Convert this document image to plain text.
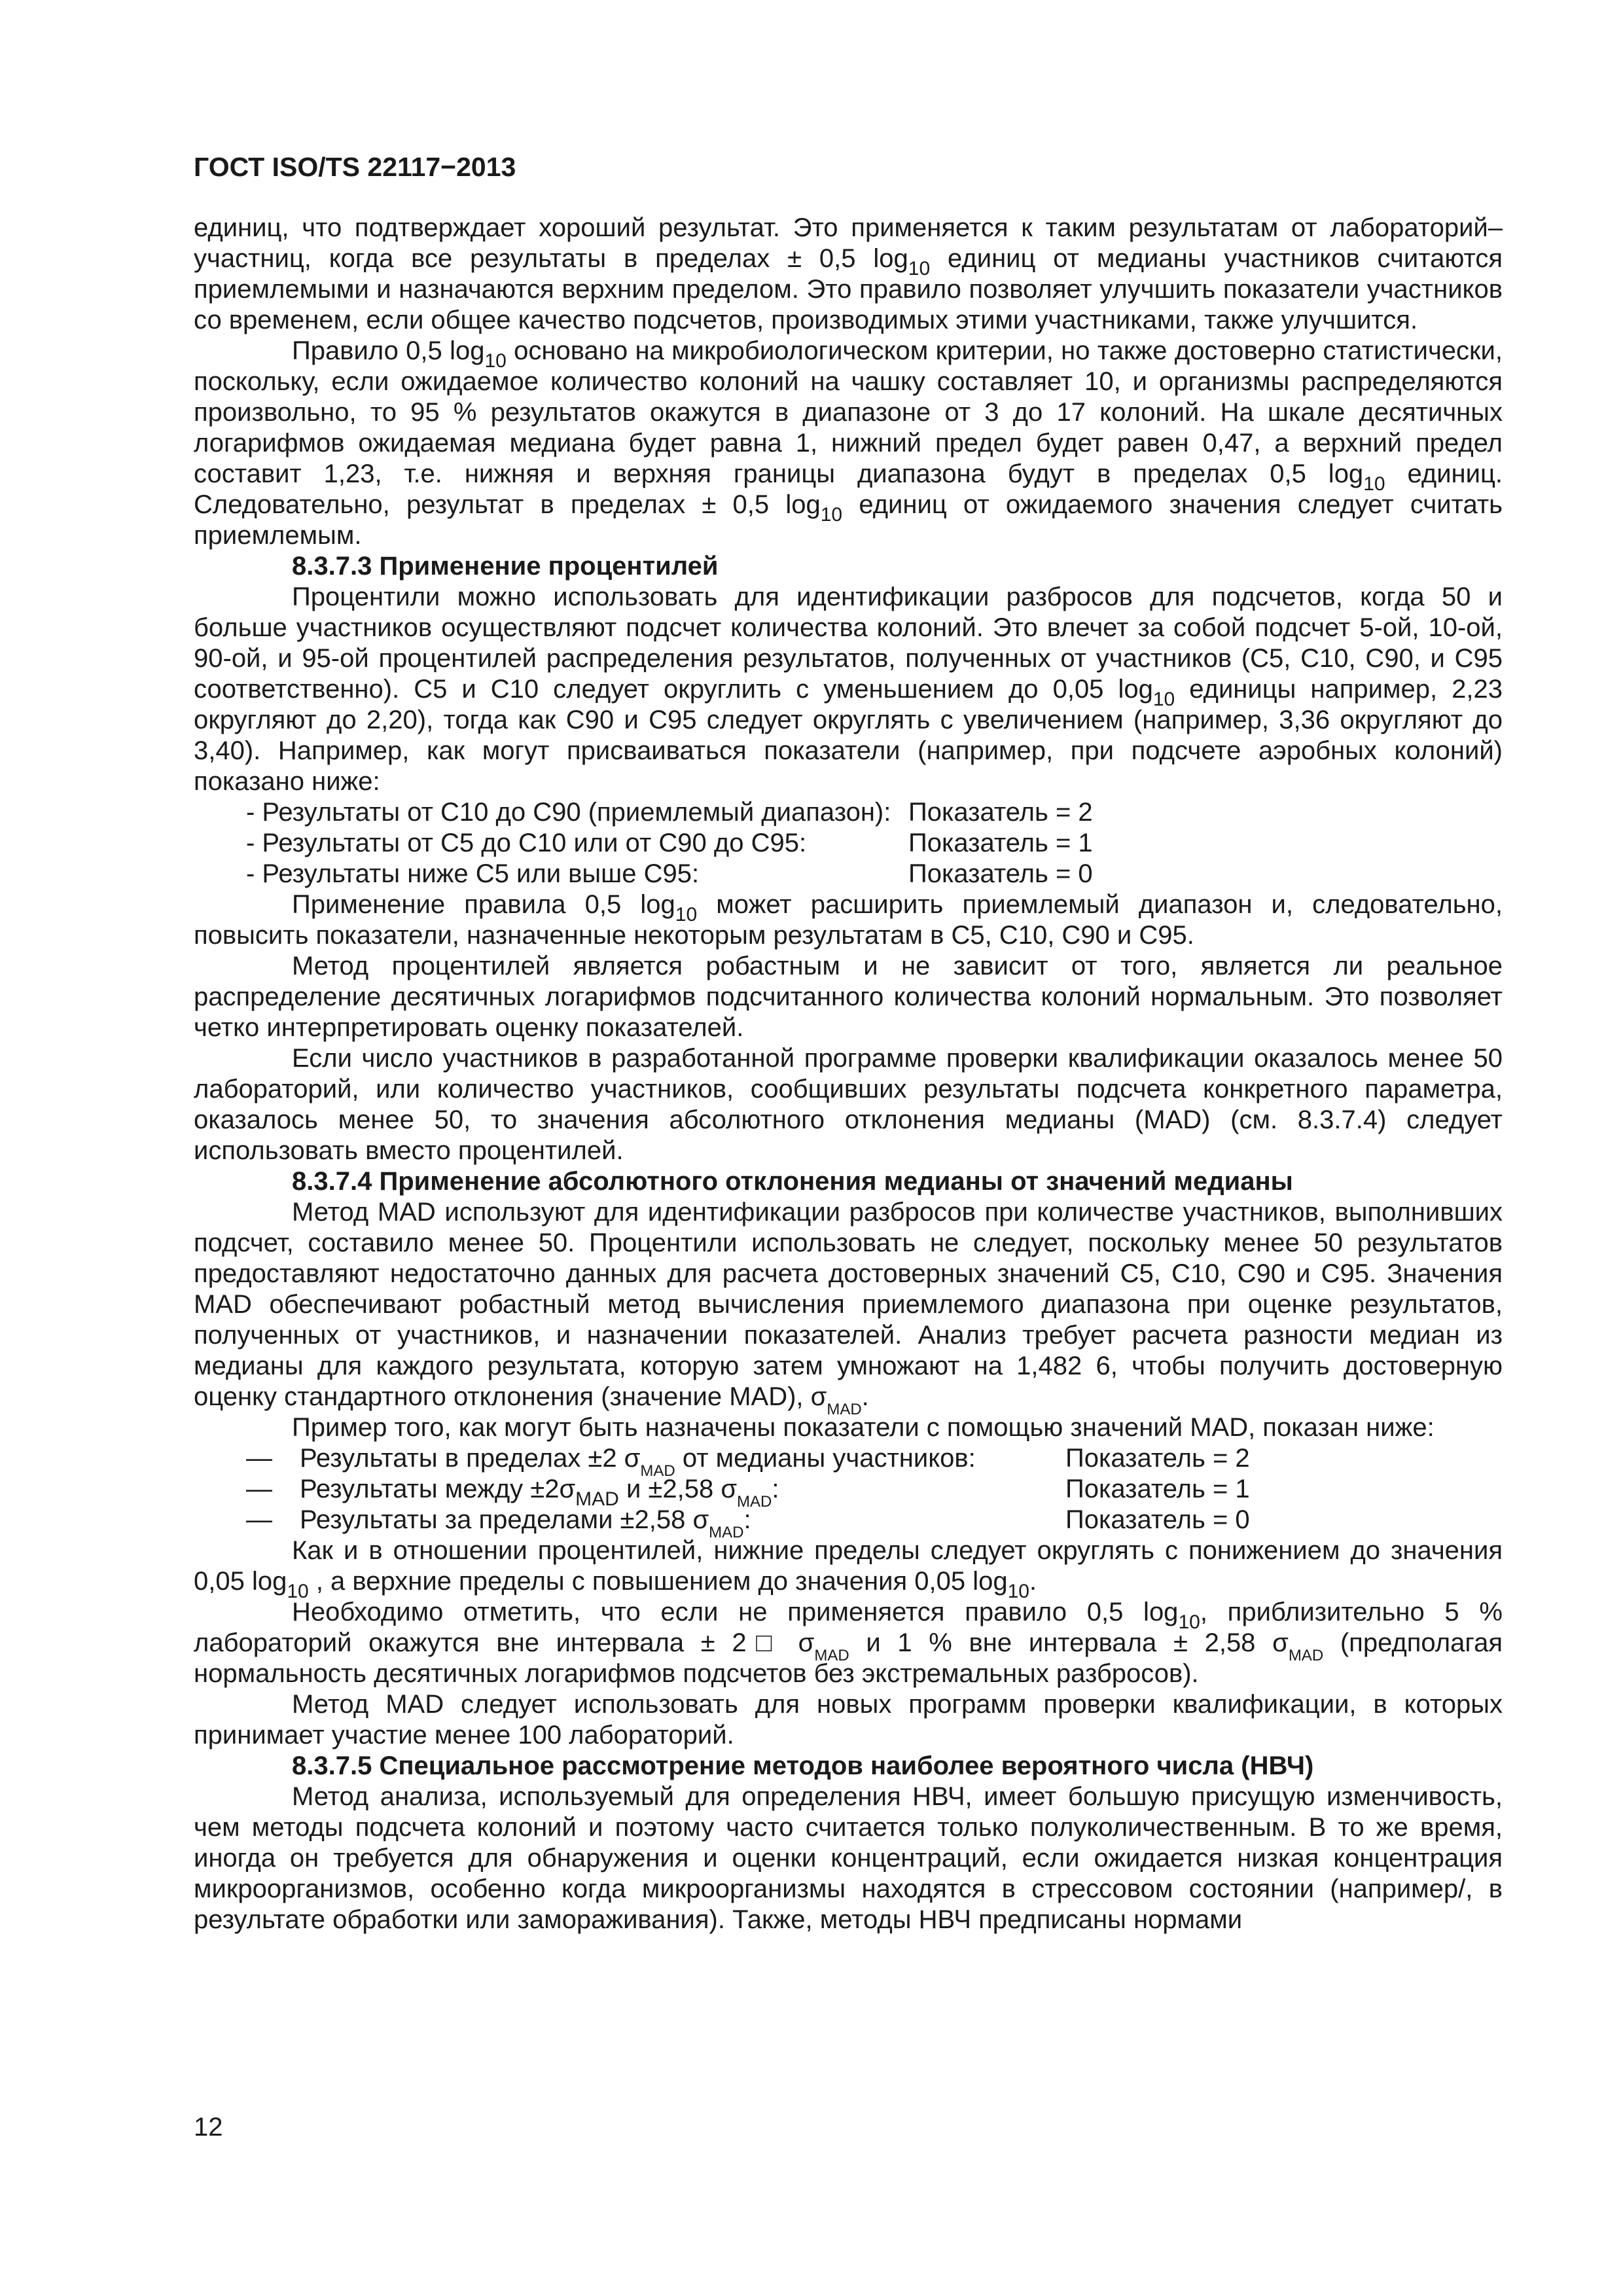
ГОСТ ISO/TS 22117−2013

единиц, что подтверждает хороший результат. Это применяется к таким результатам от лабораторий–участниц, когда все результаты в пределах ± 0,5 $\log_{10}$ единиц от медианы участников считаются приемлемыми и назначаются верхним пределом. Это правило позволяет улучшить показатели участников со временем, если общее качество подсчетов, производимых этими участниками, также улучшится.

Правило 0,5 $\log_{10}$ основано на микробиологическом критерии, но также достоверно статистически, поскольку, если ожидаемое количество колоний на чашку составляет 10, и организмы распределяются произвольно, то 95 % результатов окажутся в диапазоне от 3 до 17 колоний. На шкале десятичных логарифмов ожидаемая медиана будет равна 1, нижний предел будет равен 0,47, а верхний предел составит 1,23, т.е. нижняя и верхняя границы диапазона будут в пределах 0,5 $\log_{10}$ единиц. Следовательно, результат в пределах ± 0,5 $\log_{10}$ единиц от ожидаемого значения следует считать приемлемым.

8.3.7.3 Применение процентилей

Процентили можно использовать для идентификации разбросов для подсчетов, когда 50 и больше участников осуществляют подсчет количества колоний. Это влечет за собой подсчет 5-ой, 10-ой, 90-ой, и 95-ой процентилей распределения результатов, полученных от участников (С5, С10, С90, и С95 соответственно). С5 и С10 следует округлить с уменьшением до 0,05 $\log_{10}$ единицы например, 2,23 округляют до 2,20), тогда как С90 и С95 следует округлять с увеличением (например, 3,36 округляют до 3,40). Например, как могут присваиваться показатели (например, при подсчете аэробных колоний) показано ниже:

- Результаты от С10 до С90 (приемлемый диапазон): Показатель = 2
- Результаты от С5 до С10 или от С90 до С95:	Показатель = 1
- Результаты ниже С5 или выше С95:	Показатель = 0

Применение правила 0,5 $\log_{10}$ может расширить приемлемый диапазон и, следовательно, повысить показатели, назначенные некоторым результатам в С5, С10, С90 и С95.

Метод процентилей является робастным и не зависит от того, является ли реальное распределение десятичных логарифмов подсчитанного количества колоний нормальным. Это позволяет четко интерпретировать оценку показателей.

Если число участников в разработанной программе проверки квалификации оказалось менее 50 лабораторий, или количество участников, сообщивших результаты подсчета конкретного параметра, оказалось менее 50, то значения абсолютного отклонения медианы (MAD) (см. 8.3.7.4) следует использовать вместо процентилей.

8.3.7.4 Применение абсолютного отклонения медианы от значений медианы

Метод MAD используют для идентификации разбросов при количестве участников, выполнивших подсчет, составило менее 50. Процентили использовать не следует, поскольку менее 50 результатов предоставляют недостаточно данных для расчета достоверных значений С5, С10, С90 и С95. Значения MAD обеспечивают робастный метод вычисления приемлемого диапазона при оценке результатов, полученных от участников, и назначении показателей. Анализ требует расчета разности медиан из медианы для каждого результата, которую затем умножают на 1,482 6, чтобы получить достоверную оценку стандартного отклонения (значение MAD), $\sigma_{MAD}$.

Пример того, как могут быть назначены показатели с помощью значений MAD, показан ниже:

—	Результаты в пределах ±2 $\sigma_{MAD}$ от медианы участников:	Показатель = 2
—	Результаты между $\pm 2\sigma_{MAD}$ и ±2,58 $\sigma_{MAD}$:	Показатель = 1
—	Результаты за пределами ±2,58 $\sigma_{MAD}$:	Показатель = 0

Как и в отношении процентилей, нижние пределы следует округлять с понижением до значения 0,05 $\log_{10}$ , а верхние пределы с повышением до значения 0,05 $\log_{10}$.

Необходимо отметить, что если не применяется правило 0,5 $\log_{10}$, приблизительно 5 % лабораторий окажутся вне интервала ± 2□ $\sigma_{MAD}$ и 1 % вне интервала ± 2,58 $\sigma_{MAD}$ (предполагая нормальность десятичных логарифмов подсчетов без экстремальных разбросов).

Метод MAD следует использовать для новых программ проверки квалификации, в которых принимает участие менее 100 лабораторий.

8.3.7.5 Специальное рассмотрение методов наиболее вероятного числа (НВЧ)

Метод анализа, используемый для определения НВЧ, имеет большую присущую изменчивость, чем методы подсчета колоний и поэтому часто считается только полуколичественным. В то же время, иногда он требуется для обнаружения и оценки концентраций, если ожидается низкая концентрация микроорганизмов, особенно когда микроорганизмы находятся в стрессовом состоянии (например/, в результате обработки или замораживания). Также, методы НВЧ предписаны нормами

12
